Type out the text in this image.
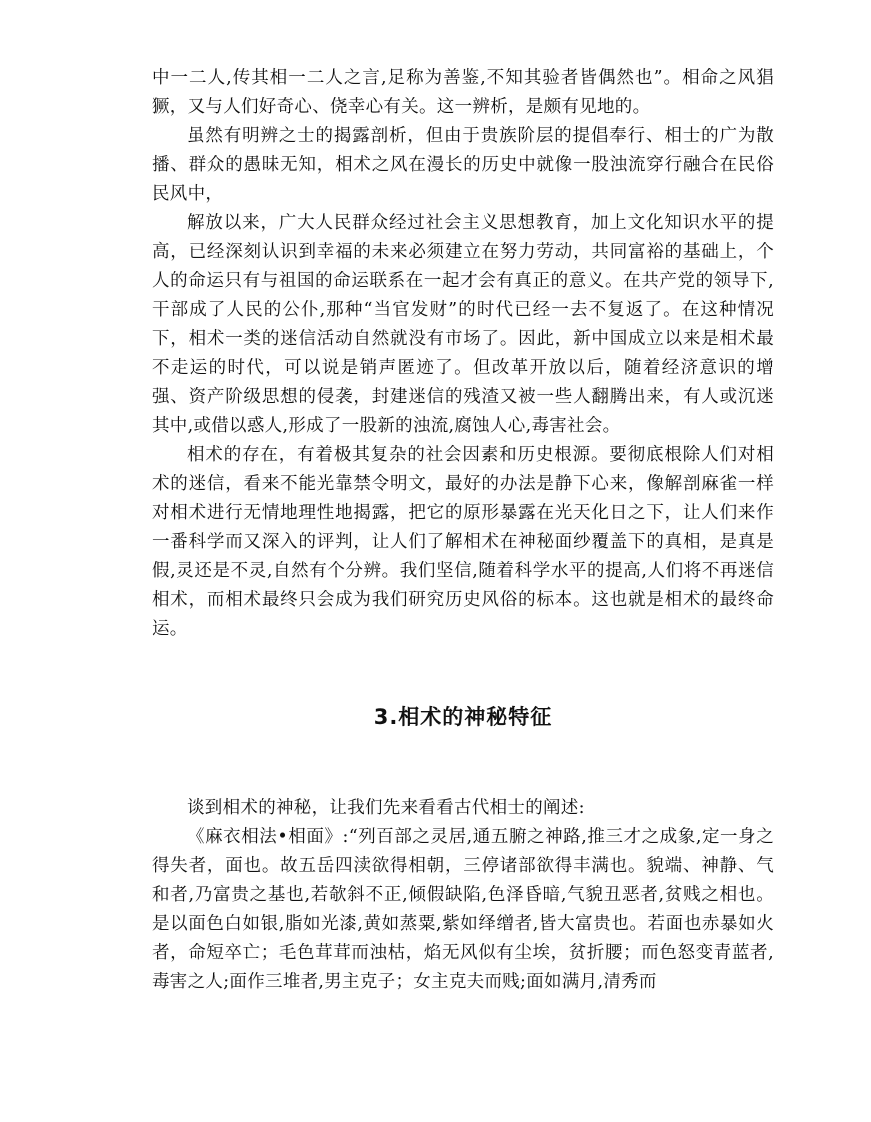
中一二人,传其相一二人之言,足称为善鉴,不知其验者皆偶然也”。相命之风猖獗，又与人们好奇心、侥幸心有关。这一辨析，是颇有见地的。

虽然有明辨之士的揭露剖析，但由于贵族阶层的提倡奉行、相士的广为散播、群众的愚昧无知，相术之风在漫长的历史中就像一股浊流穿行融合在民俗民风中，

解放以来，广大人民群众经过社会主义思想教育，加上文化知识水平的提高，已经深刻认识到幸福的未来必须建立在努力劳动，共同富裕的基础上，个人的命运只有与祖国的命运联系在一起才会有真正的意义。在共产党的领导下,干部成了人民的公仆,那种“当官发财”的时代已经一去不复返了。在这种情况下，相术一类的迷信活动自然就没有市场了。因此，新中国成立以来是相术最不走运的时代，可以说是销声匿迹了。但改革开放以后，随着经济意识的增强、资产阶级思想的侵袭，封建迷信的残渣又被一些人翻腾出来，有人或沉迷其中,或借以惑人,形成了一股新的浊流,腐蚀人心,毒害社会。

相术的存在，有着极其复杂的社会因素和历史根源。要彻底根除人们对相术的迷信，看来不能光靠禁令明文，最好的办法是静下心来，像解剖麻雀一样对相术进行无情地理性地揭露，把它的原形暴露在光天化日之下，让人们来作一番科学而又深入的评判，让人们了解相术在神秘面纱覆盖下的真相，是真是假,灵还是不灵,自然有个分辨。我们坚信,随着科学水平的提高,人们将不再迷信相术，而相术最终只会成为我们研究历史风俗的标本。这也就是相术的最终命运。

3.相术的神秘特征

谈到相术的神秘，让我们先来看看古代相士的阐述:

《麻衣相法•相面》:“列百部之灵居,通五腑之神路,推三才之成象,定一身之得失者，面也。故五岳四渎欲得相朝，三停诸部欲得丰满也。貌端、神静、气和者,乃富贵之基也,若欹斜不正,倾假缺陷,色泽昏暗,气貌丑恶者,贫贱之相也。是以面色白如银,脂如光漆,黄如蒸粟,紫如绎缯者,皆大富贵也。若面也赤暴如火者，命短卒亡；毛色茸茸而浊枯，焰无风似有尘埃，贫折腰；而色怒变青蓝者,毒害之人;面作三堆者,男主克子；女主克夫而贱;面如满月,清秀而
